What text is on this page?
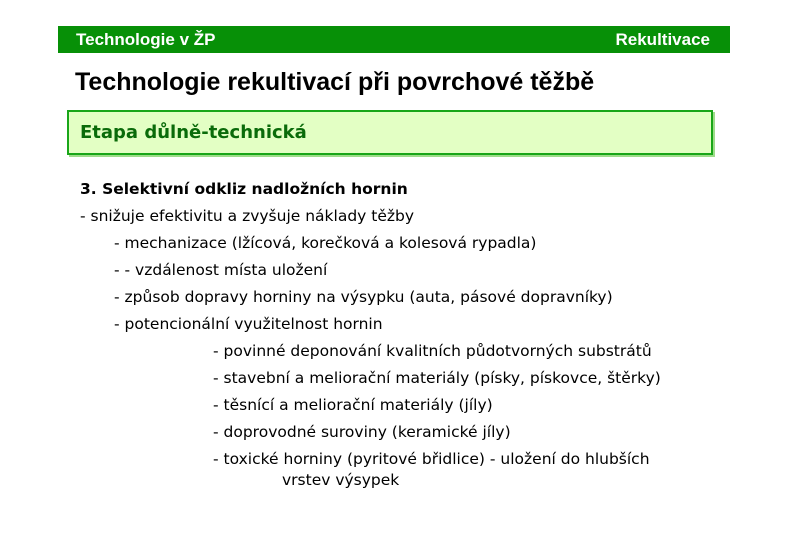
Technologie v ŽP	Rekultivace
Technologie rekultivací při povrchové těžbě
Etapa důlně-technická
3. Selektivní odkliz nadložních hornin
- snižuje efektivitu a zvyšuje náklady těžby
- mechanizace (lžícová, korečková a kolesová rypadla)
- - vzdálenost místa uložení
- způsob dopravy horniny na výsypku (auta, pásové dopravníky)
- potencionální využitelnost hornin
- povinné deponování kvalitních půdotvorných substrátů
- stavební a meliorační materiály (písky, pískovce, štěrky)
- těsnící a meliorační materiály (jíly)
- doprovodné suroviny (keramické jíly)
- toxické horniny (pyritové břidlice) - uložení do hlubších
vrstev výsypek
